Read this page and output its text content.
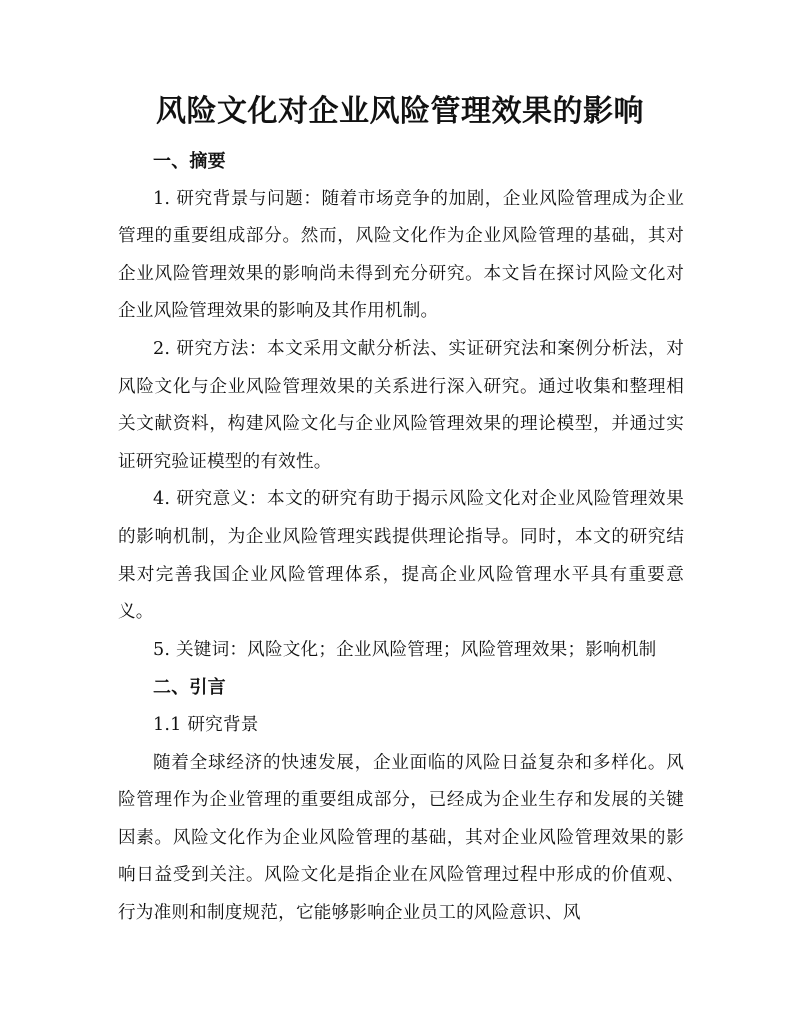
风险文化对企业风险管理效果的影响

一、摘要

1. 研究背景与问题：随着市场竞争的加剧，企业风险管理成为企业管理的重要组成部分。然而，风险文化作为企业风险管理的基础，其对企业风险管理效果的影响尚未得到充分研究。本文旨在探讨风险文化对企业风险管理效果的影响及其作用机制。

2. 研究方法：本文采用文献分析法、实证研究法和案例分析法，对风险文化与企业风险管理效果的关系进行深入研究。通过收集和整理相关文献资料，构建风险文化与企业风险管理效果的理论模型，并通过实证研究验证模型的有效性。

4. 研究意义：本文的研究有助于揭示风险文化对企业风险管理效果的影响机制，为企业风险管理实践提供理论指导。同时，本文的研究结果对完善我国企业风险管理体系，提高企业风险管理水平具有重要意义。

5. 关键词：风险文化；企业风险管理；风险管理效果；影响机制

二、引言

1.1 研究背景

随着全球经济的快速发展，企业面临的风险日益复杂和多样化。风险管理作为企业管理的重要组成部分，已经成为企业生存和发展的关键因素。风险文化作为企业风险管理的基础，其对企业风险管理效果的影响日益受到关注。风险文化是指企业在风险管理过程中形成的价值观、行为准则和制度规范，它能够影响企业员工的风险意识、风
